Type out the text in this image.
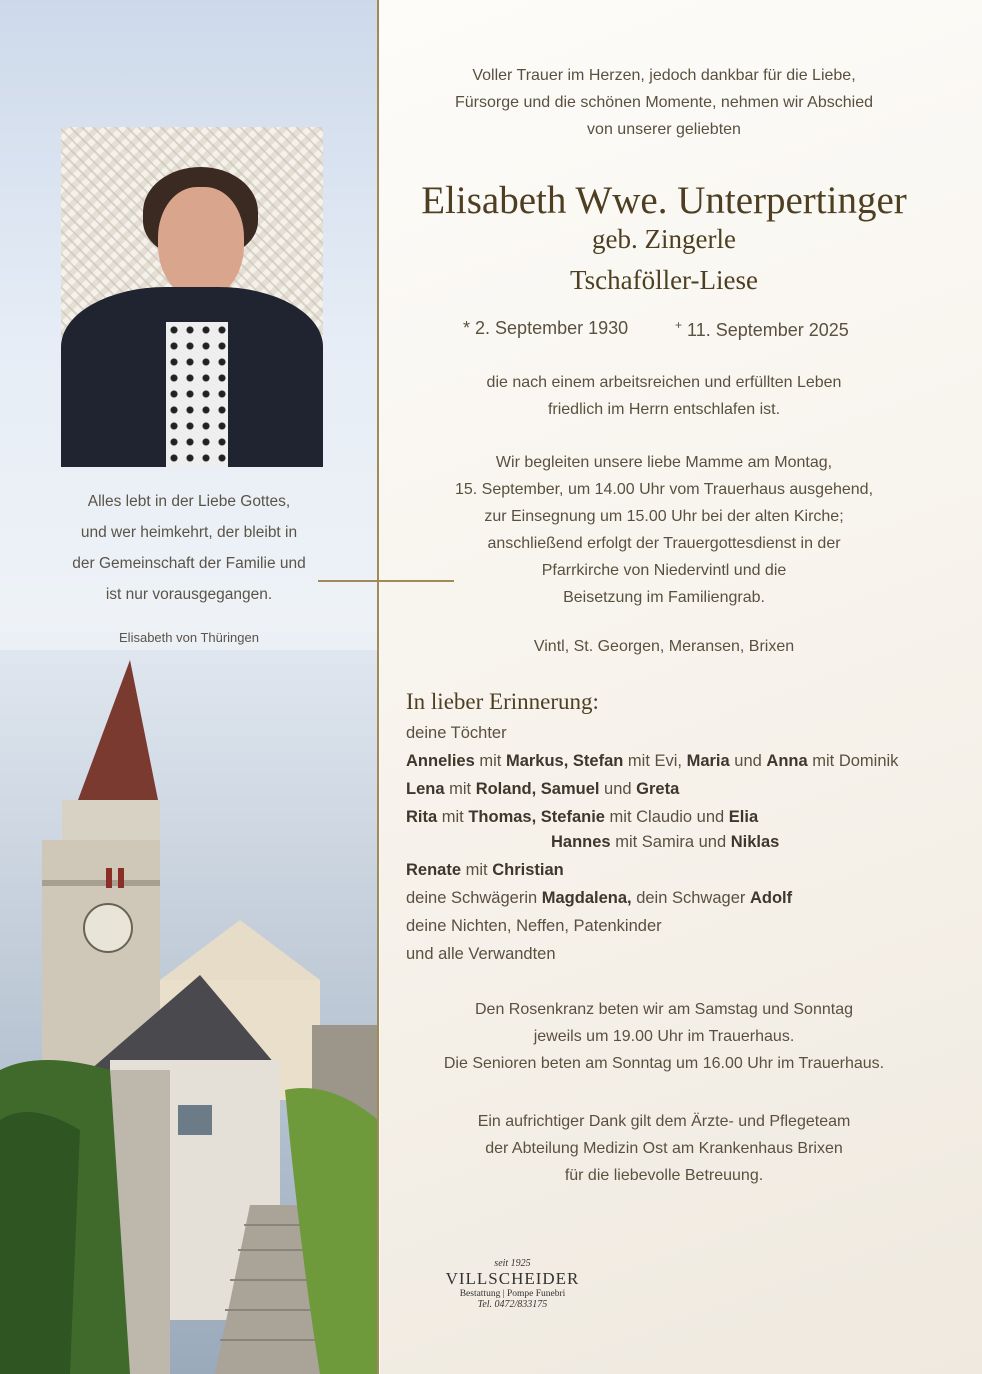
Alles lebt in der Liebe Gottes,
und wer heimkehrt, der bleibt in
der Gemeinschaft der Familie und
ist nur vorausgegangen.
Elisabeth von Thüringen
Voller Trauer im Herzen, jedoch dankbar für die Liebe,
Fürsorge und die schönen Momente, nehmen wir Abschied
von unserer geliebten
Elisabeth Wwe. Unterpertinger
geb. Zingerle
Tschaföller-Liese
* 2. September 1930	+ 11. September 2025
die nach einem arbeitsreichen und erfüllten Leben
friedlich im Herrn entschlafen ist.
Wir begleiten unsere liebe Mamme am Montag,
15. September, um 14.00 Uhr vom Trauerhaus ausgehend,
zur Einsegnung um 15.00 Uhr bei der alten Kirche;
anschließend erfolgt der Trauergottesdienst in der
Pfarrkirche von Niedervintl und die
Beisetzung im Familiengrab.
Vintl, St. Georgen, Meransen, Brixen
In lieber Erinnerung:
deine Töchter
Annelies mit Markus, Stefan mit Evi, Maria und Anna mit Dominik
Lena mit Roland, Samuel und Greta
Rita mit Thomas, Stefanie mit Claudio und Elia
Hannes mit Samira und Niklas
Renate mit Christian
deine Schwägerin Magdalena, dein Schwager Adolf
deine Nichten, Neffen, Patenkinder
und alle Verwandten
Den Rosenkranz beten wir am Samstag und Sonntag
jeweils um 19.00 Uhr im Trauerhaus.
Die Senioren beten am Sonntag um 16.00 Uhr im Trauerhaus.
Ein aufrichtiger Dank gilt dem Ärzte- und Pflegeteam
der Abteilung Medizin Ost am Krankenhaus Brixen
für die liebevolle Betreuung.
seit 1925
VILLSCHEIDER
Bestattung | Pompe Funebri
Tel. 0472/833175
